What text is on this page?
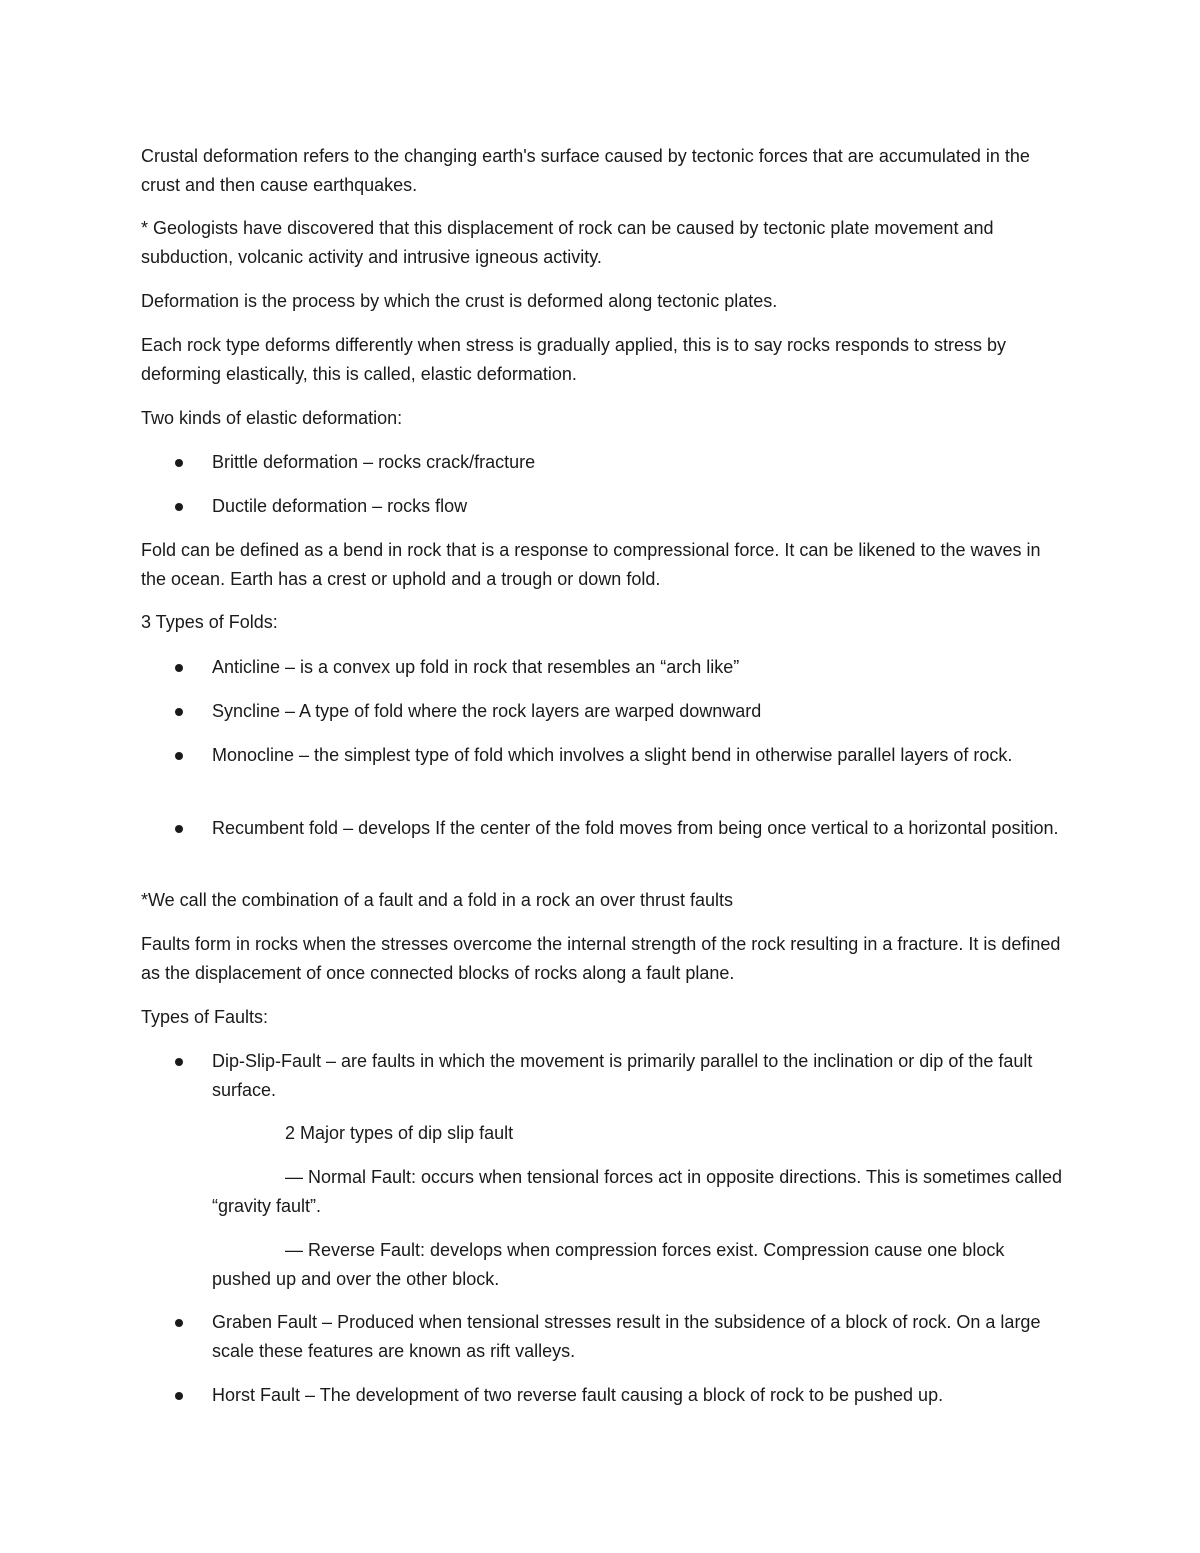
Crustal deformation refers to the changing earth's surface caused by tectonic forces that are accumulated in the crust and then cause earthquakes.

* Geologists have discovered that this displacement of rock can be caused by tectonic plate movement and subduction, volcanic activity and intrusive igneous activity.

Deformation is the process by which the crust is deformed along tectonic plates.

Each rock type deforms differently when stress is gradually applied, this is to say rocks responds to stress by deforming elastically, this is called, elastic deformation.

Two kinds of elastic deformation:

Brittle deformation – rocks crack/fracture
Ductile deformation – rocks flow

Fold can be defined as a bend in rock that is a response to compressional force. It can be likened to the waves in the ocean. Earth has a crest or uphold and a trough or down fold.

3 Types of Folds:

Anticline – is a convex up fold in rock that resembles an “arch like”
Syncline – A type of fold where the rock layers are warped downward
Monocline – the simplest type of fold which involves a slight bend in otherwise parallel layers of rock.
Recumbent fold – develops If the center of the fold moves from being once vertical to a horizontal position.

*We call the combination of a fault and a fold in a rock an over thrust faults

Faults form in rocks when the stresses overcome the internal strength of the rock resulting in a fracture. It is defined as the displacement of once connected blocks of rocks along a fault plane.

Types of Faults:

Dip-Slip-Fault – are faults in which the movement is primarily parallel to the inclination or dip of the fault surface.
2 Major types of dip slip fault
— Normal Fault: occurs when tensional forces act in opposite directions. This is sometimes called “gravity fault”.
— Reverse Fault: develops when compression forces exist. Compression cause one block pushed up and over the other block.
Graben Fault – Produced when tensional stresses result in the subsidence of a block of rock. On a large scale these features are known as rift valleys.
Horst Fault – The development of two reverse fault causing a block of rock to be pushed up.
